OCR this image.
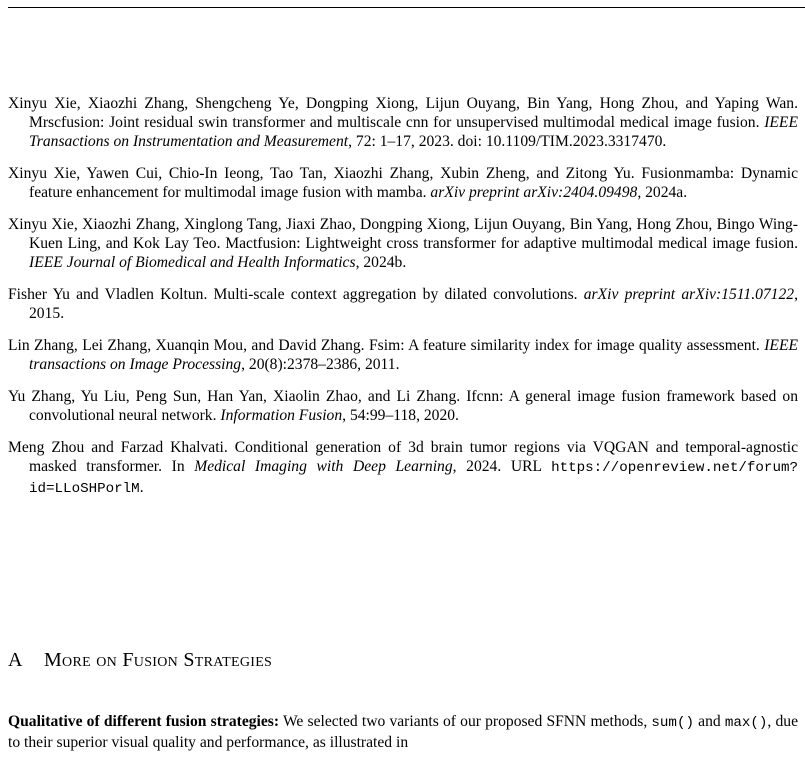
Xinyu Xie, Xiaozhi Zhang, Shengcheng Ye, Dongping Xiong, Lijun Ouyang, Bin Yang, Hong Zhou, and Yaping Wan. Mrscfusion: Joint residual swin transformer and multiscale cnn for unsupervised multimodal medical image fusion. IEEE Transactions on Instrumentation and Measurement, 72: 1–17, 2023. doi: 10.1109/TIM.2023.3317470.

Xinyu Xie, Yawen Cui, Chio-In Ieong, Tao Tan, Xiaozhi Zhang, Xubin Zheng, and Zitong Yu. Fusionmamba: Dynamic feature enhancement for multimodal image fusion with mamba. arXiv preprint arXiv:2404.09498, 2024a.

Xinyu Xie, Xiaozhi Zhang, Xinglong Tang, Jiaxi Zhao, Dongping Xiong, Lijun Ouyang, Bin Yang, Hong Zhou, Bingo Wing-Kuen Ling, and Kok Lay Teo. Mactfusion: Lightweight cross transformer for adaptive multimodal medical image fusion. IEEE Journal of Biomedical and Health Informatics, 2024b.

Fisher Yu and Vladlen Koltun. Multi-scale context aggregation by dilated convolutions. arXiv preprint arXiv:1511.07122, 2015.

Lin Zhang, Lei Zhang, Xuanqin Mou, and David Zhang. Fsim: A feature similarity index for image quality assessment. IEEE transactions on Image Processing, 20(8):2378–2386, 2011.

Yu Zhang, Yu Liu, Peng Sun, Han Yan, Xiaolin Zhao, and Li Zhang. Ifcnn: A general image fusion framework based on convolutional neural network. Information Fusion, 54:99–118, 2020.

Meng Zhou and Farzad Khalvati. Conditional generation of 3d brain tumor regions via VQGAN and temporal-agnostic masked transformer. In Medical Imaging with Deep Learning, 2024. URL https://openreview.net/forum?id=LLoSHPorlM.

A More on Fusion Strategies

Qualitative of different fusion strategies: We selected two variants of our proposed SFNN methods, sum() and max(), due to their superior visual quality and performance, as illustrated in
